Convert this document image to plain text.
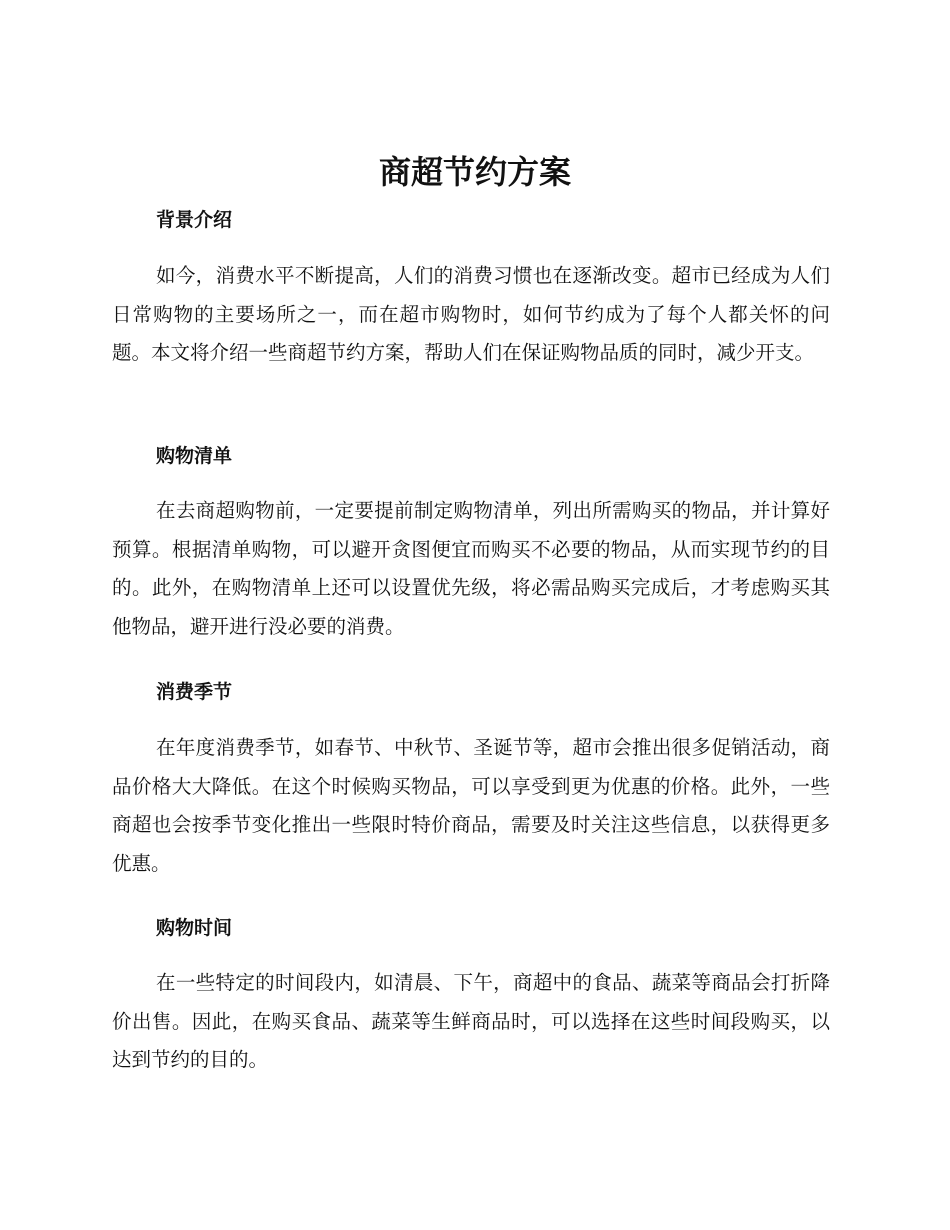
商超节约方案
背景介绍

如今，消费水平不断提高，人们的消费习惯也在逐渐改变。超市已经成为人们日常购物的主要场所之一，而在超市购物时，如何节约成为了每个人都关怀的问题。本文将介绍一些商超节约方案，帮助人们在保证购物品质的同时，减少开支。

购物清单

在去商超购物前，一定要提前制定购物清单，列出所需购买的物品，并计算好预算。根据清单购物，可以避开贪图便宜而购买不必要的物品，从而实现节约的目的。此外，在购物清单上还可以设置优先级，将必需品购买完成后，才考虑购买其他物品，避开进行没必要的消费。

消费季节

在年度消费季节，如春节、中秋节、圣诞节等，超市会推出很多促销活动，商品价格大大降低。在这个时候购买物品，可以享受到更为优惠的价格。此外，一些商超也会按季节变化推出一些限时特价商品，需要及时关注这些信息，以获得更多优惠。

购物时间

在一些特定的时间段内，如清晨、下午，商超中的食品、蔬菜等商品会打折降价出售。因此，在购买食品、蔬菜等生鲜商品时，可以选择在这些时间段购买，以达到节约的目的。
